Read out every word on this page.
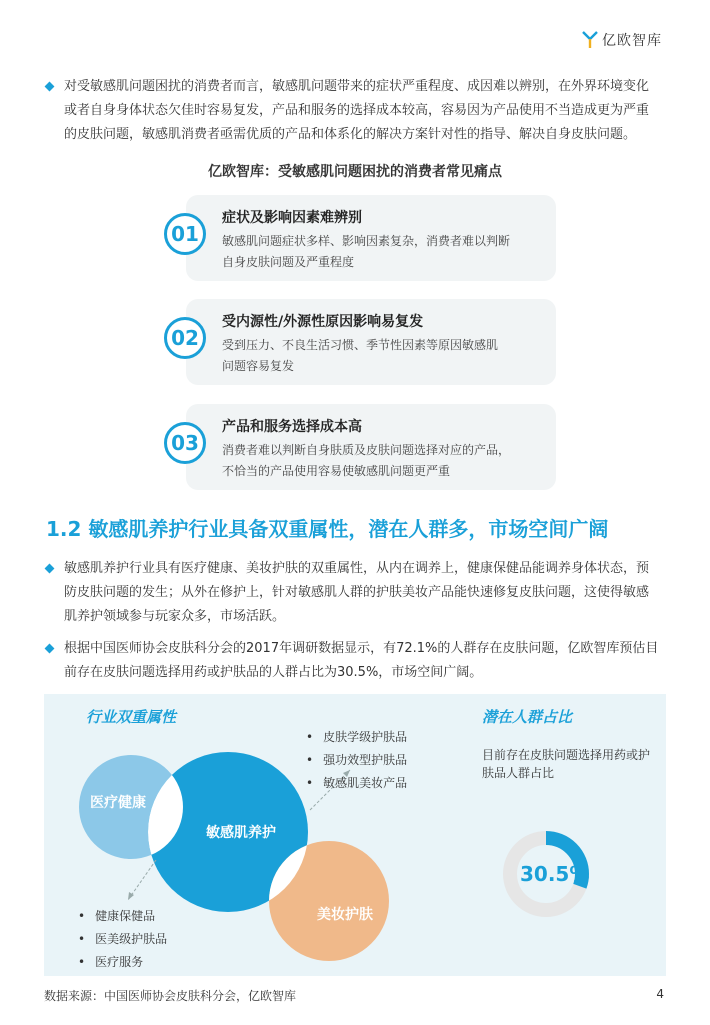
亿欧智库
对受敏感肌问题困扰的消费者而言，敏感肌问题带来的症状严重程度、成因难以辨别，在外界环境变化
或者自身身体状态欠佳时容易复发，产品和服务的选择成本较高，容易因为产品使用不当造成更为严重
的皮肤问题，敏感肌消费者亟需优质的产品和体系化的解决方案针对性的指导、解决自身皮肤问题。
亿欧智库：受敏感肌问题困扰的消费者常见痛点
01
症状及影响因素难辨别
敏感肌问题症状多样、影响因素复杂，消费者难以判断
自身皮肤问题及严重程度
02
受内源性/外源性原因影响易复发
受到压力、不良生活习惯、季节性因素等原因敏感肌
问题容易复发
03
产品和服务选择成本高
消费者难以判断自身肤质及皮肤问题选择对应的产品，
不恰当的产品使用容易使敏感肌问题更严重
1.2 敏感肌养护行业具备双重属性，潜在人群多，市场空间广阔
敏感肌养护行业具有医疗健康、美妆护肤的双重属性，从内在调养上，健康保健品能调养身体状态，预
防皮肤问题的发生；从外在修护上，针对敏感肌人群的护肤美妆产品能快速修复皮肤问题，这使得敏感
肌养护领域参与玩家众多，市场活跃。
根据中国医师协会皮肤科分会的2017年调研数据显示，有72.1%的人群存在皮肤问题，亿欧智库预估目
前存在皮肤问题选择用药或护肤品的人群占比为30.5%，市场空间广阔。
行业双重属性	潜在人群占比
医疗健康
敏感肌养护
美妆护肤
• 皮肤学级护肤品
• 强功效型护肤品
• 敏感肌美妆产品
• 健康保健品
• 医美级护肤品
• 医疗服务
目前存在皮肤问题选择用药或护肤品人群占比
30.5%
数据来源：中国医师协会皮肤科分会，亿欧智库	4
